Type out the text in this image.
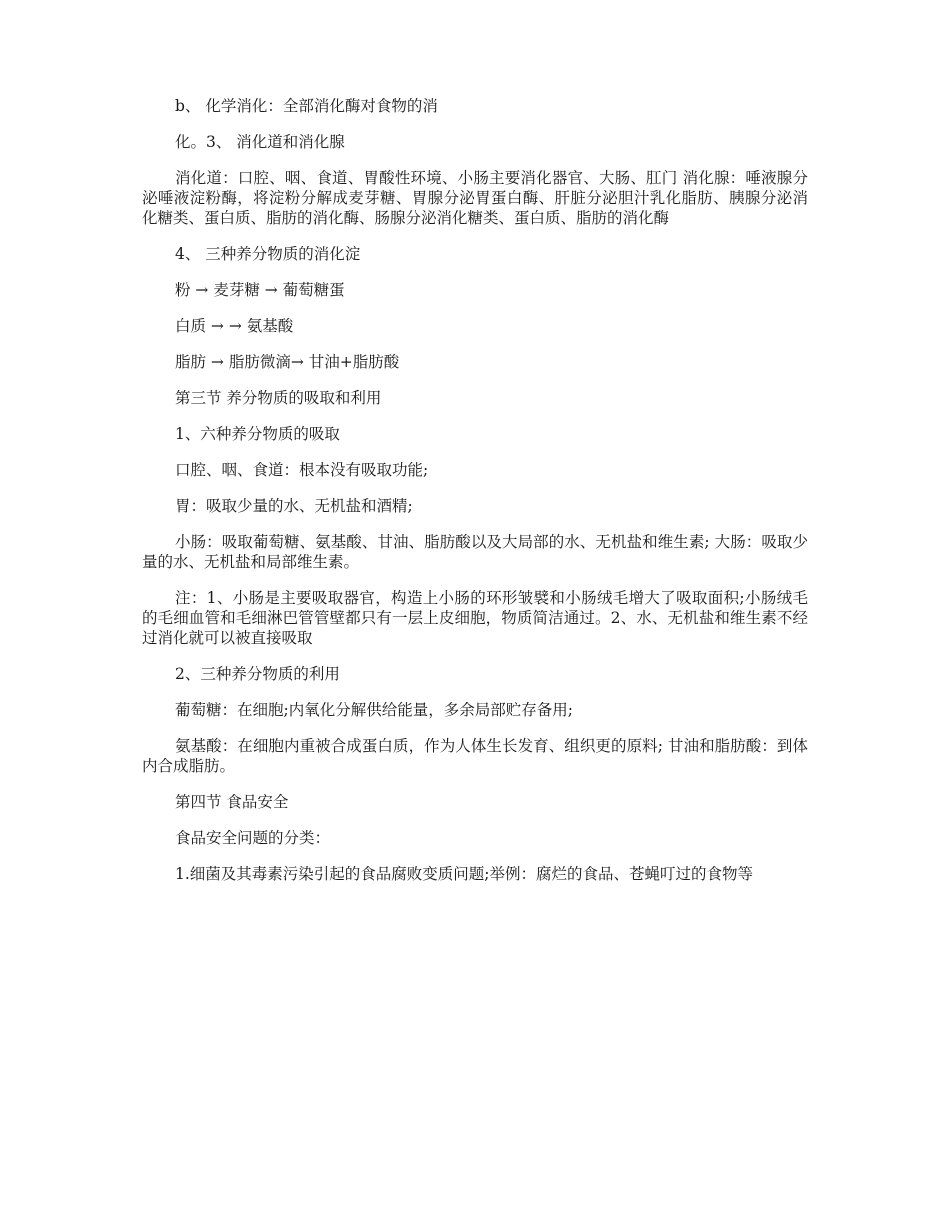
b、 化学消化：全部消化酶对食物的消

化。3、 消化道和消化腺

消化道：口腔、咽、食道、胃酸性环境、小肠主要消化器官、大肠、肛门 消化腺：唾液腺分泌唾液淀粉酶，将淀粉分解成麦芽糖、胃腺分泌胃蛋白酶、肝脏分泌胆汁乳化脂肪、胰腺分泌消化糖类、蛋白质、脂肪的消化酶、肠腺分泌消化糖类、蛋白质、脂肪的消化酶

4、 三种养分物质的消化淀

粉 → 麦芽糖 → 葡萄糖蛋

白质 → → 氨基酸

脂肪 → 脂肪微滴→ 甘油+脂肪酸

第三节 养分物质的吸取和利用

1、六种养分物质的吸取

口腔、咽、食道：根本没有吸取功能;

胃：吸取少量的水、无机盐和酒精;

小肠：吸取葡萄糖、氨基酸、甘油、脂肪酸以及大局部的水、无机盐和维生素; 大肠：吸取少量的水、无机盐和局部维生素。

注：1、小肠是主要吸取器官，构造上小肠的环形皱襞和小肠绒毛增大了吸取面积;小肠绒毛的毛细血管和毛细淋巴管管壁都只有一层上皮细胞，物质简洁通过。2、水、无机盐和维生素不经过消化就可以被直接吸取

2、三种养分物质的利用

葡萄糖：在细胞;内氧化分解供给能量，多余局部贮存备用;

氨基酸：在细胞内重被合成蛋白质，作为人体生长发育、组织更的原料; 甘油和脂肪酸：到体内合成脂肪。

第四节 食品安全

食品安全问题的分类：

1.细菌及其毒素污染引起的食品腐败变质问题;举例：腐烂的食品、苍蝇叮过的食物等
